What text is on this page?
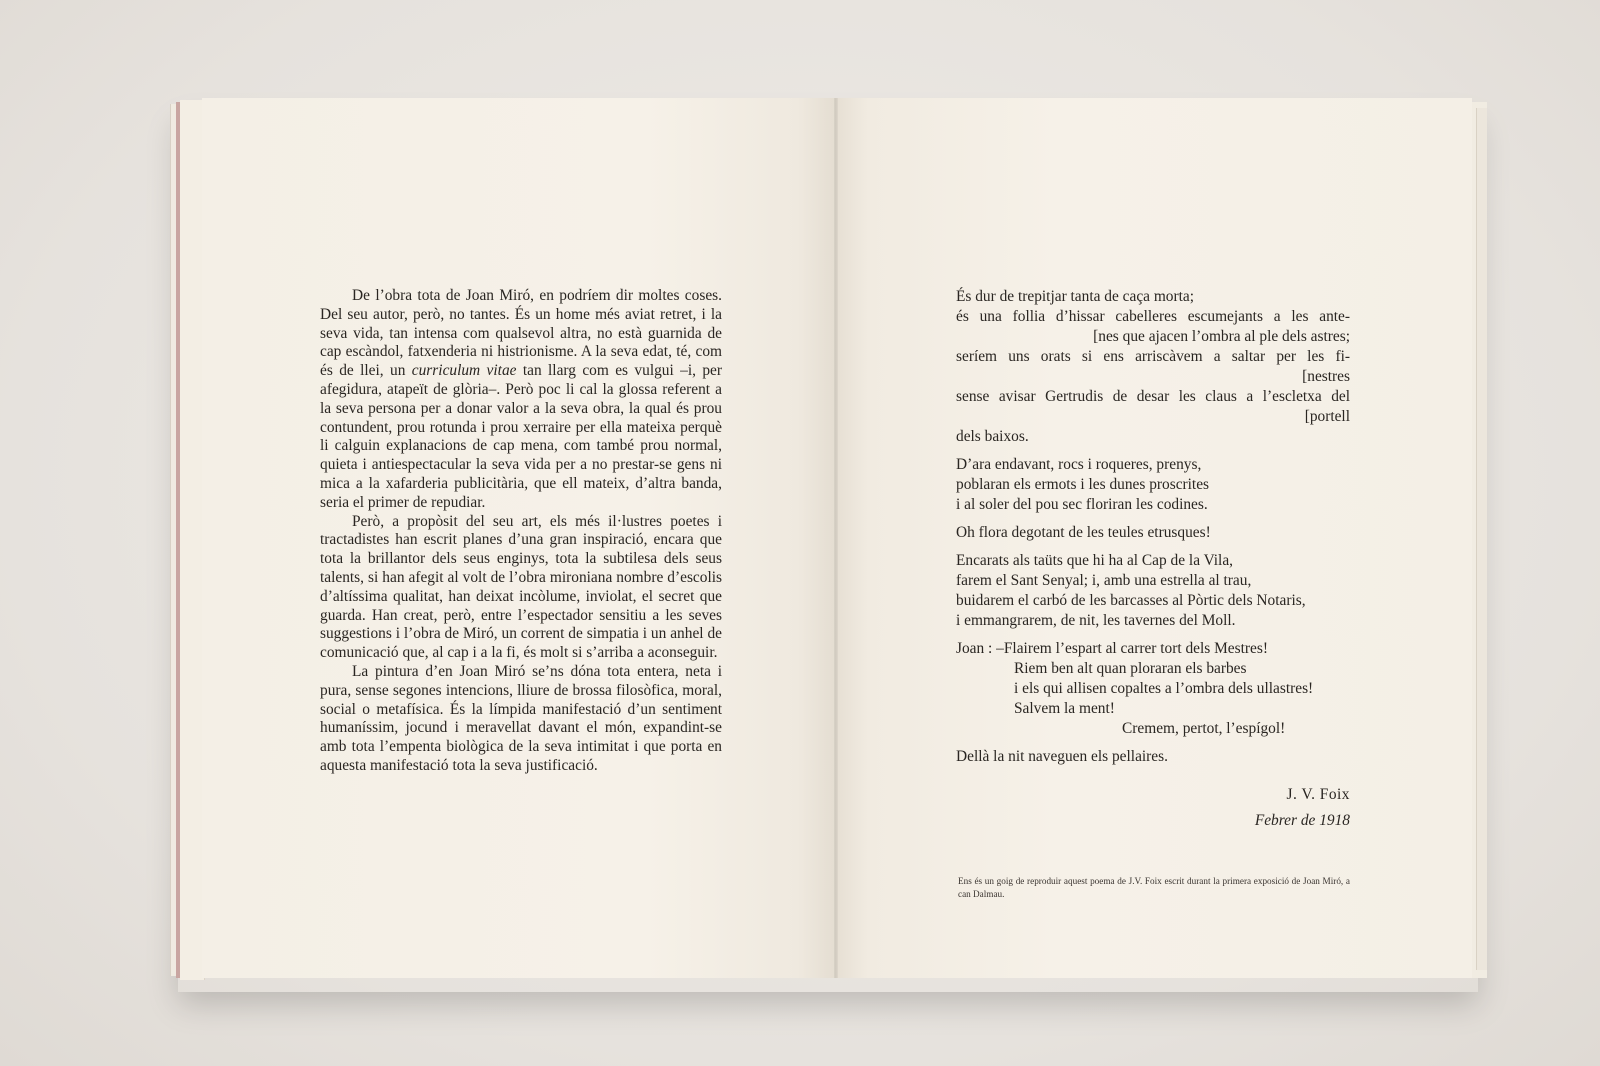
De l’obra tota de Joan Miró, en podríem dir moltes coses. Del seu autor, però, no tantes. És un home més aviat retret, i la seva vida, tan intensa com qualsevol altra, no està guarnida de cap escàndol, fatxenderia ni histrionisme. A la seva edat, té, com és de llei, un curriculum vitae tan llarg com es vulgui –i, per afegidura, atapeït de glòria–. Però poc li cal la glossa referent a la seva persona per a donar valor a la seva obra, la qual és prou contundent, prou rotunda i prou xerraire per ella mateixa perquè li calguin explanacions de cap mena, com també prou normal, quieta i antiespectacular la seva vida per a no prestar-se gens ni mica a la xafarderia publicitària, que ell mateix, d’altra banda, seria el primer de repudiar.

Però, a propòsit del seu art, els més il·lustres poetes i tractadistes han escrit planes d’una gran inspiració, encara que tota la brillantor dels seus enginys, tota la subtilesa dels seus talents, si han afegit al volt de l’obra mironiana nombre d’escolis d’altíssima qualitat, han deixat incòlume, inviolat, el secret que guarda. Han creat, però, entre l’espectador sensitiu a les seves suggestions i l’obra de Miró, un corrent de simpatia i un anhel de comunicació que, al cap i a la fi, és molt si s’arriba a aconseguir.

La pintura d’en Joan Miró se’ns dóna tota entera, neta i pura, sense segones intencions, lliure de brossa filosòfica, moral, social o metafísica. És la límpida manifestació d’un sentiment humaníssim, jocund i meravellat davant el món, expandint-se amb tota l’empenta biològica de la seva intimitat i que porta en aquesta manifestació tota la seva justificació.

És dur de trepitjar tanta de caça morta;
és una follia d’hissar cabelleres escumejants a les ante-
[nes que ajacen l’ombra al ple dels astres;
seríem uns orats si ens arriscàvem a saltar per les fi-
[nestres
sense avisar Gertrudis de desar les claus a l’escletxa del
[portell
dels baixos.
D’ara endavant, rocs i roqueres, prenys,
poblaran els ermots i les dunes proscrites
i al soler del pou sec floriran les codines.
Oh flora degotant de les teules etrusques!
Encarats als taüts que hi ha al Cap de la Vila,
farem el Sant Senyal; i, amb una estrella al trau,
buidarem el carbó de les barcasses al Pòrtic dels Notaris,
i emmangrarem, de nit, les tavernes del Moll.
Joan : –Flairem l’espart al carrer tort dels Mestres!
Riem ben alt quan ploraran els barbes
i els qui allisen copaltes a l’ombra dels ullastres!
Salvem la ment!
Cremem, pertot, l’espígol!
Dellà la nit naveguen els pellaires.
J. V. Foix
Febrer de 1918
Ens és un goig de reproduir aquest poema de J.V. Foix escrit durant la primera exposició de Joan Miró, a can Dalmau.
